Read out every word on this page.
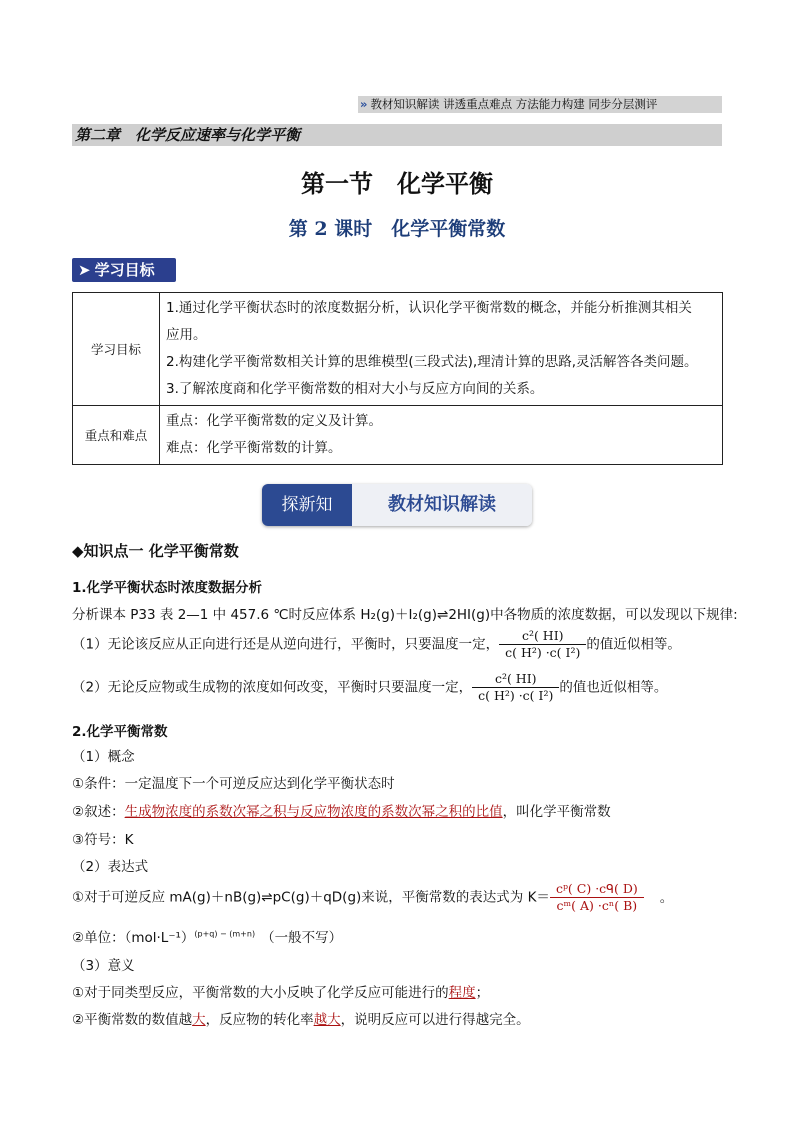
» 教材知识解读 讲透重点难点 方法能力构建 同步分层测评
第二章　化学反应速率与化学平衡
第一节　化学平衡
第 2 课时　化学平衡常数
➤ 学习目标
学习目标	1.通过化学平衡状态时的浓度数据分析，认识化学平衡常数的概念，并能分析推测其相关

应用。

2.构建化学平衡常数相关计算的思维模型(三段式法),理清计算的思路,灵活解答各类问题。

3.了解浓度商和化学平衡常数的相对大小与反应方向间的关系。

重点和难点	重点：化学平衡常数的定义及计算。

难点：化学平衡常数的计算。

探新知	教材知识解读
◆知识点一 化学平衡常数
1.化学平衡状态时浓度数据分析
分析课本 P33 表 2—1 中 457.6 ℃时反应体系 H₂(g)＋I₂(g)⇌2HI(g)中各物质的浓度数据，可以发现以下规律:
（1）无论该反应从正向进行还是从逆向进行，平衡时，只要温度一定， $\frac{\text{c²( HI)}}{\text{c( H²) ·c( I²)}}$ 的值近似相等。
（2）无论反应物或生成物的浓度如何改变，平衡时只要温度一定， $\frac{\text{c²( HI)}}{\text{c( H²) ·c( I²)}}$ 的值也近似相等。
2.化学平衡常数
（1）概念
①条件：一定温度下一个可逆反应达到化学平衡状态时
②叙述：生成物浓度的系数次幂之积与反应物浓度的系数次幂之积的比值，叫化学平衡常数
③符号：K
（2）表达式
①对于可逆反应 mA(g)＋nB(g)⇌pC(g)＋qD(g)来说，平衡常数的表达式为 $K= \frac{\text{cᵖ( C) ·cᑫ( D)}}{\text{cᵐ( A) ·cⁿ( B)}}$ 。
②单位：$(mol\cdot L^{-1})^{(p+q) - (m+n)}$ （一般不写）
（3）意义
①对于同类型反应，平衡常数的大小反映了化学反应可能进行的程度；
②平衡常数的数值越大，反应物的转化率越大，说明反应可以进行得越完全。
